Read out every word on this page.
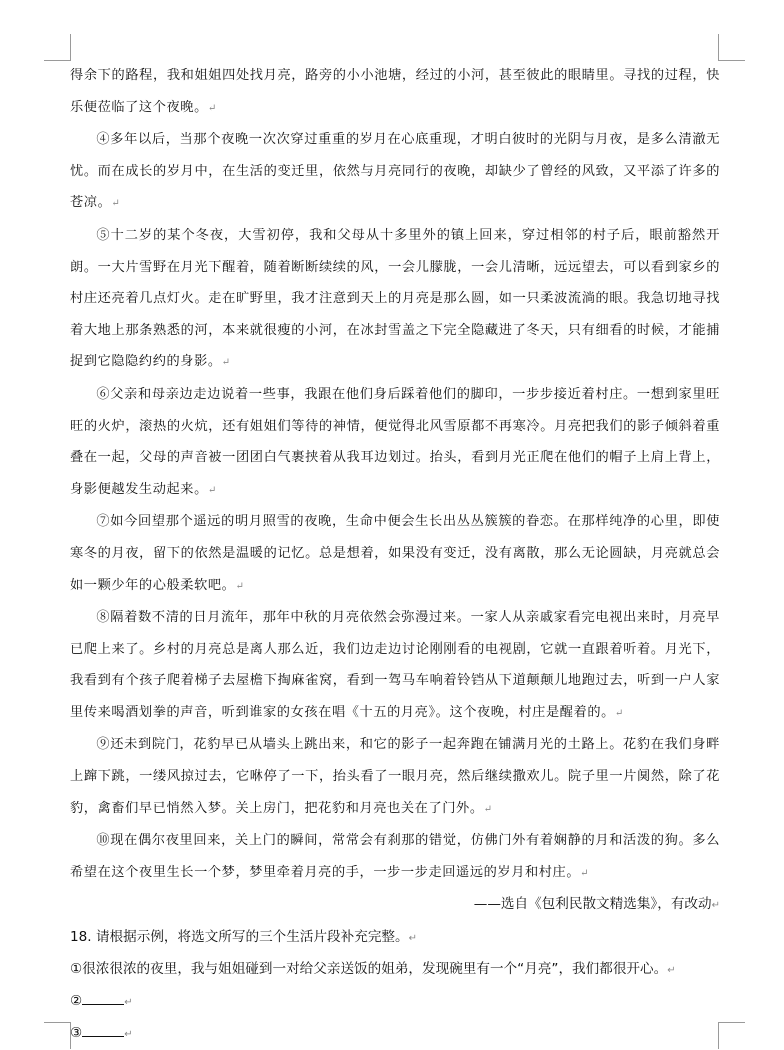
得余下的路程，我和姐姐四处找月亮，路旁的小小池塘，经过的小河，甚至彼此的眼睛里。寻找的过程，快乐便莅临了这个夜晚。↵

④多年以后，当那个夜晚一次次穿过重重的岁月在心底重现，才明白彼时的光阴与月夜，是多么清澈无忧。而在成长的岁月中，在生活的变迁里，依然与月亮同行的夜晚，却缺少了曾经的风致，又平添了许多的苍凉。↵

⑤十二岁的某个冬夜，大雪初停，我和父母从十多里外的镇上回来，穿过相邻的村子后，眼前豁然开朗。一大片雪野在月光下醒着，随着断断续续的风，一会儿朦胧，一会儿清晰，远远望去，可以看到家乡的村庄还亮着几点灯火。走在旷野里，我才注意到天上的月亮是那么圆，如一只柔波流淌的眼。我急切地寻找着大地上那条熟悉的河，本来就很瘦的小河，在冰封雪盖之下完全隐藏进了冬天，只有细看的时候，才能捕捉到它隐隐约约的身影。↵

⑥父亲和母亲边走边说着一些事，我跟在他们身后踩着他们的脚印，一步步接近着村庄。一想到家里旺旺的火炉，滚热的火炕，还有姐姐们等待的神情，便觉得北风雪原都不再寒冷。月亮把我们的影子倾斜着重叠在一起，父母的声音被一团团白气裹挟着从我耳边划过。抬头，看到月光正爬在他们的帽子上肩上背上，身影便越发生动起来。↵

⑦如今回望那个遥远的明月照雪的夜晚，生命中便会生长出丛丛簇簇的眷恋。在那样纯净的心里，即使寒冬的月夜，留下的依然是温暖的记忆。总是想着，如果没有变迁，没有离散，那么无论圆缺，月亮就总会如一颗少年的心般柔软吧。↵

⑧隔着数不清的日月流年，那年中秋的月亮依然会弥漫过来。一家人从亲戚家看完电视出来时，月亮早已爬上来了。乡村的月亮总是离人那么近，我们边走边讨论刚刚看的电视剧，它就一直跟着听着。月光下，我看到有个孩子爬着梯子去屋檐下掏麻雀窝，看到一驾马车响着铃铛从下道颠颠儿地跑过去，听到一户人家里传来喝酒划拳的声音，听到谁家的女孩在唱《十五的月亮》。这个夜晚，村庄是醒着的。↵

⑨还未到院门，花豹早已从墙头上跳出来，和它的影子一起奔跑在铺满月光的土路上。花豹在我们身畔上蹿下跳，一缕风掠过去，它咻停了一下，抬头看了一眼月亮，然后继续撒欢儿。院子里一片阒然，除了花豹，禽畜们早已悄然入梦。关上房门，把花豹和月亮也关在了门外。↵

⑩现在偶尔夜里回来，关上门的瞬间，常常会有刹那的错觉，仿佛门外有着娴静的月和活泼的狗。多么希望在这个夜里生长一个梦，梦里牵着月亮的手，一步一步走回遥远的岁月和村庄。↵

——选自《包利民散文精选集》，有改动↵

18. 请根据示例，将选文所写的三个生活片段补充完整。↵

①很浓很浓的夜里，我与姐姐碰到一对给父亲送饭的姐弟，发现碗里有一个“月亮”，我们都很开心。↵

②	↵

③	↵
